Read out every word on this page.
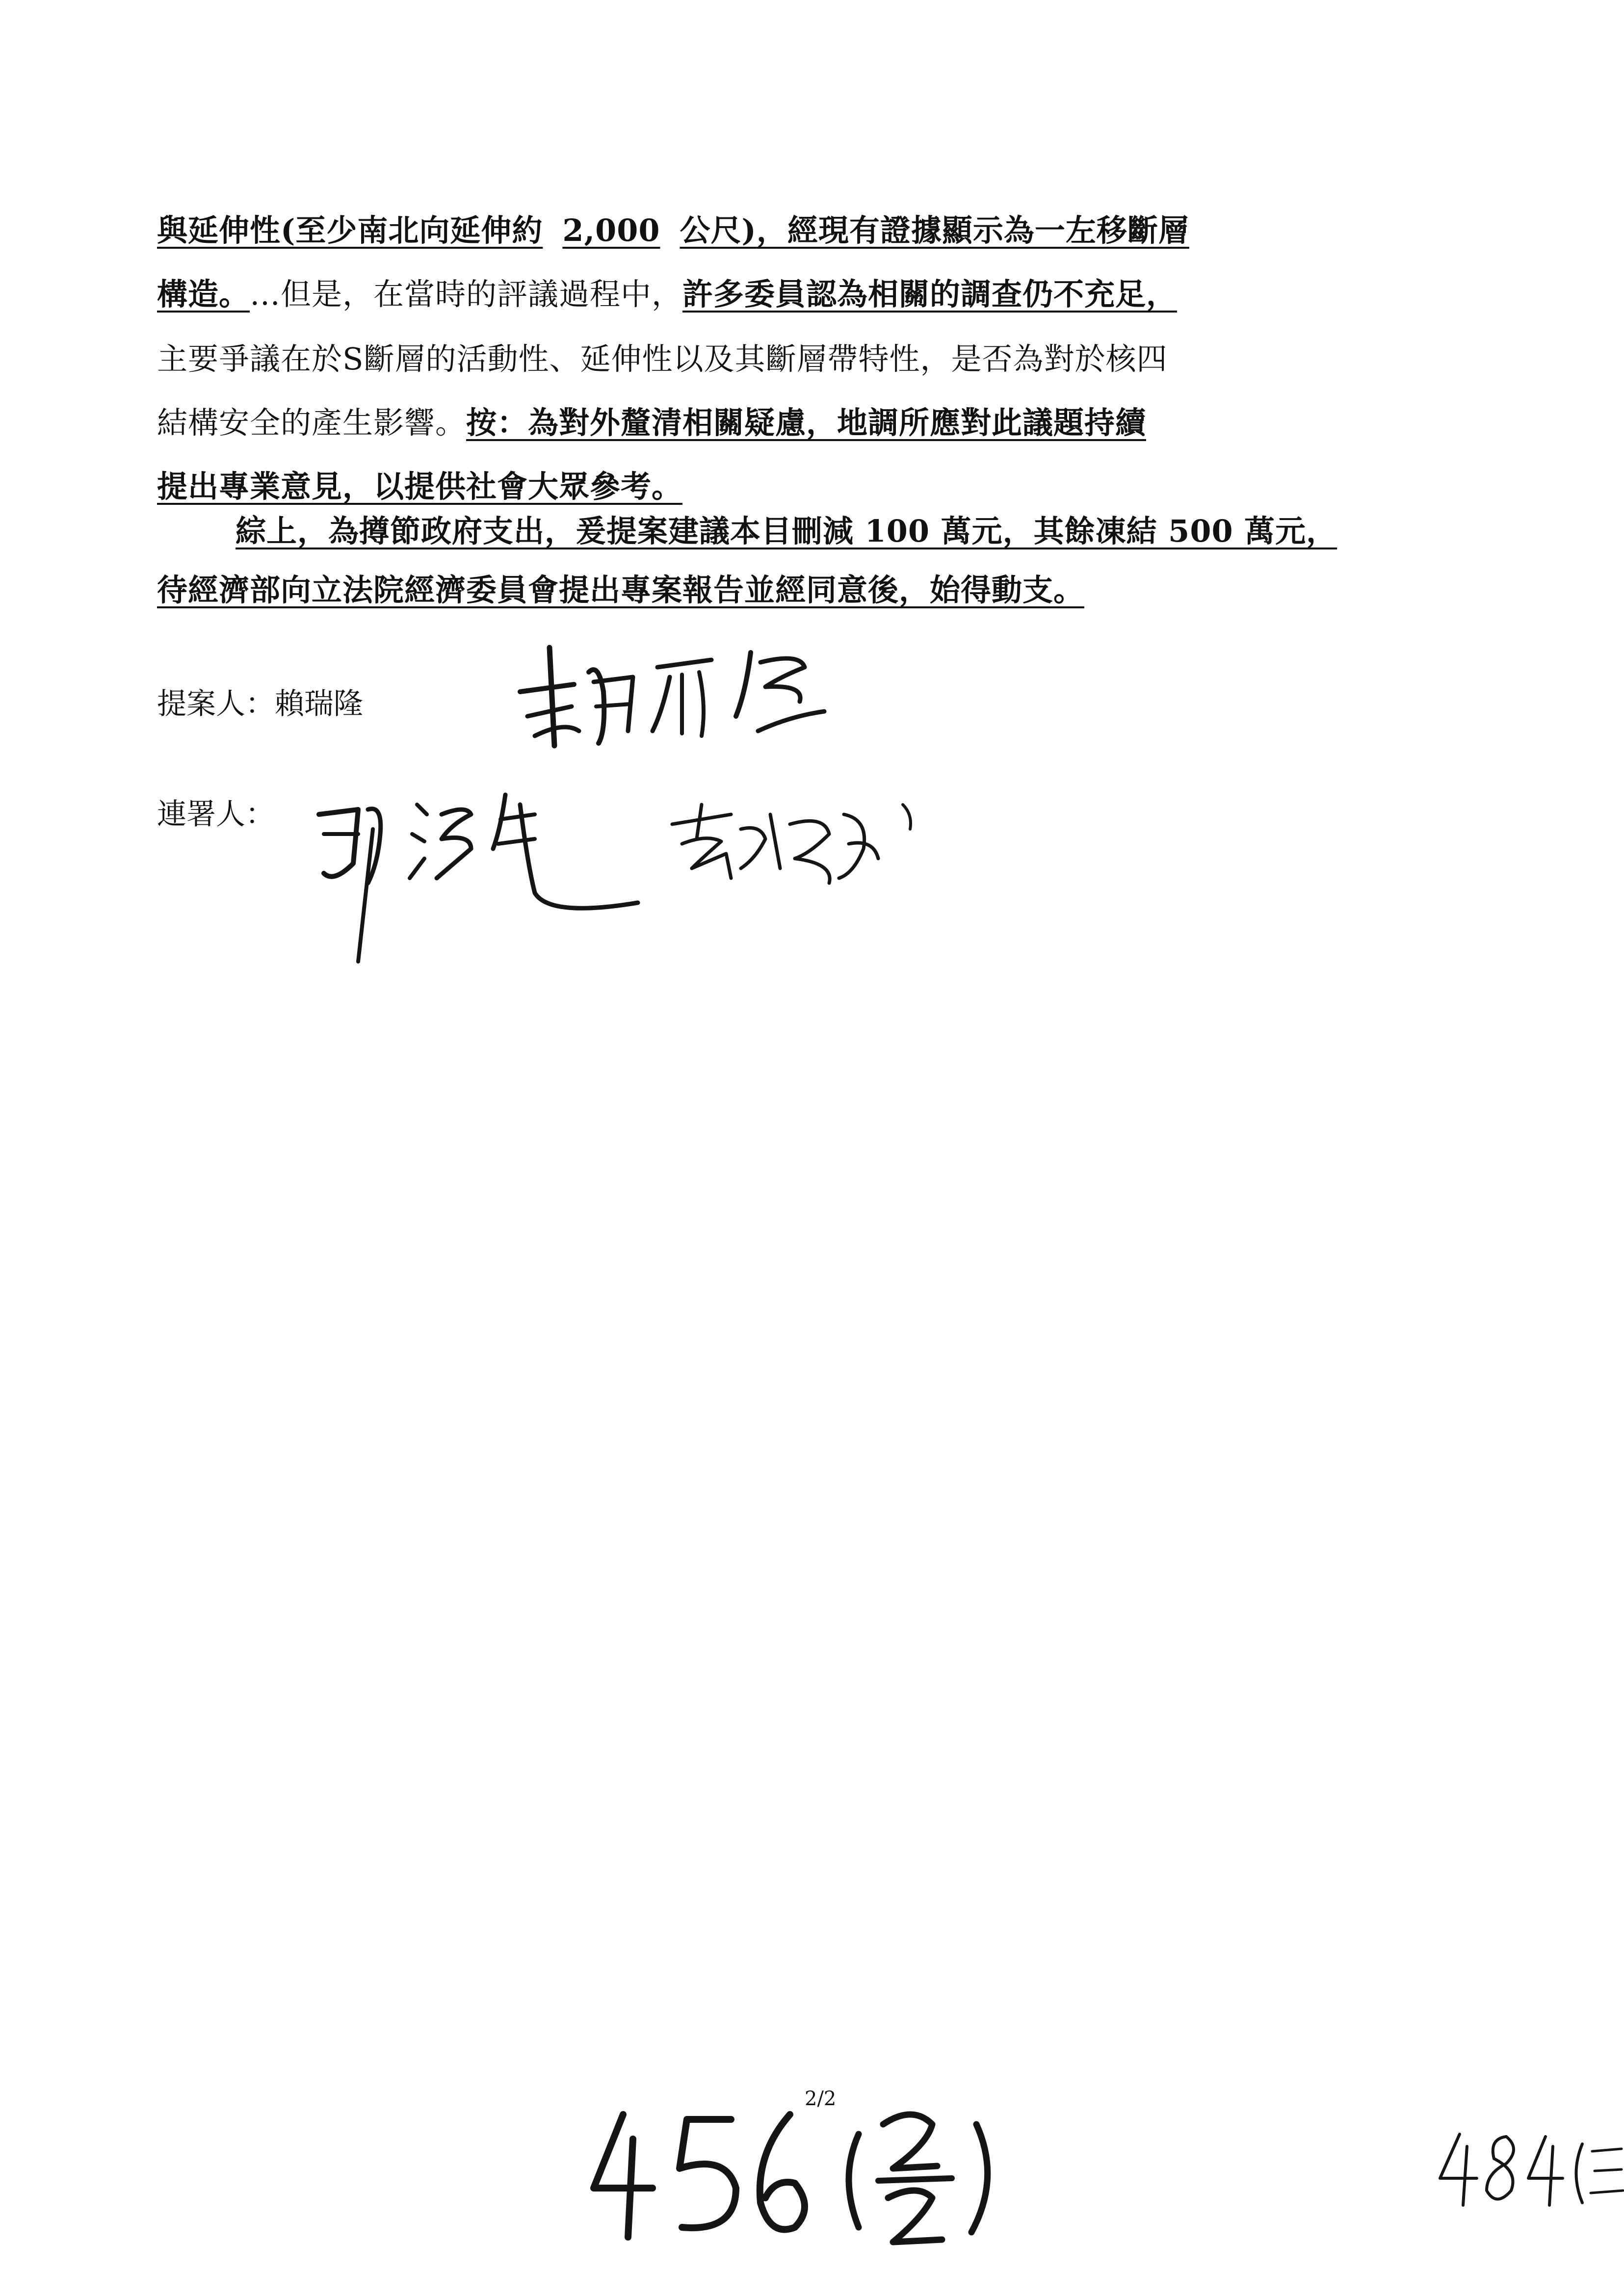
與延伸性(至少南北向延伸約 2,000 公尺)，經現有證據顯示為一左移斷層
構造。…但是，在當時的評議過程中，許多委員認為相關的調查仍不充足，
主要爭議在於S斷層的活動性、延伸性以及其斷層帶特性，是否為對於核四
結構安全的產生影響。按：為對外釐清相關疑慮，地調所應對此議題持續
提出專業意見，以提供社會大眾參考。
綜上，為撙節政府支出，爰提案建議本目刪減 100 萬元，其餘凍結 500 萬元，
待經濟部向立法院經濟委員會提出專案報告並經同意後，始得動支。
提案人：賴瑞隆
連署人：
2/2
